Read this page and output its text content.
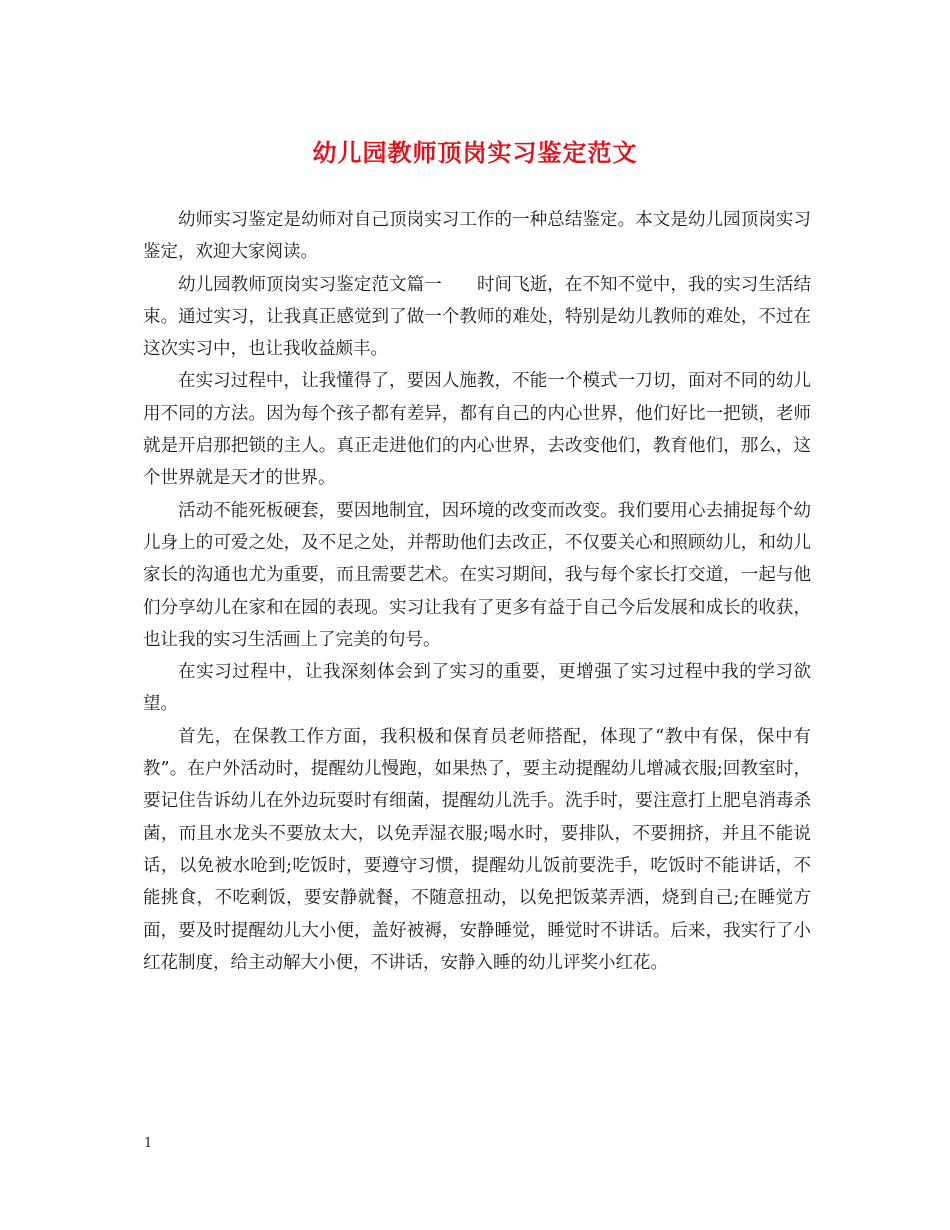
幼儿园教师顶岗实习鉴定范文

幼师实习鉴定是幼师对自己顶岗实习工作的一种总结鉴定。本文是幼儿园顶岗实习鉴定，欢迎大家阅读。

幼儿园教师顶岗实习鉴定范文篇一　　时间飞逝，在不知不觉中，我的实习生活结束。通过实习，让我真正感觉到了做一个教师的难处，特别是幼儿教师的难处，不过在这次实习中，也让我收益颇丰。

在实习过程中，让我懂得了，要因人施教，不能一个模式一刀切，面对不同的幼儿用不同的方法。因为每个孩子都有差异，都有自己的内心世界，他们好比一把锁，老师就是开启那把锁的主人。真正走进他们的内心世界，去改变他们，教育他们，那么，这个世界就是天才的世界。

活动不能死板硬套，要因地制宜，因环境的改变而改变。我们要用心去捕捉每个幼儿身上的可爱之处，及不足之处，并帮助他们去改正，不仅要关心和照顾幼儿，和幼儿家长的沟通也尤为重要，而且需要艺术。在实习期间，我与每个家长打交道，一起与他们分享幼儿在家和在园的表现。实习让我有了更多有益于自己今后发展和成长的收获，也让我的实习生活画上了完美的句号。

在实习过程中，让我深刻体会到了实习的重要，更增强了实习过程中我的学习欲望。

首先，在保教工作方面，我积极和保育员老师搭配，体现了“教中有保，保中有教”。在户外活动时，提醒幼儿慢跑，如果热了，要主动提醒幼儿增减衣服;回教室时，要记住告诉幼儿在外边玩耍时有细菌，提醒幼儿洗手。洗手时，要注意打上肥皂消毒杀菌，而且水龙头不要放太大，以免弄湿衣服;喝水时，要排队，不要拥挤，并且不能说话，以免被水呛到;吃饭时，要遵守习惯，提醒幼儿饭前要洗手，吃饭时不能讲话，不能挑食，不吃剩饭，要安静就餐，不随意扭动，以免把饭菜弄洒，烧到自己;在睡觉方面，要及时提醒幼儿大小便，盖好被褥，安静睡觉，睡觉时不讲话。后来，我实行了小红花制度，给主动解大小便，不讲话，安静入睡的幼儿评奖小红花。

1
